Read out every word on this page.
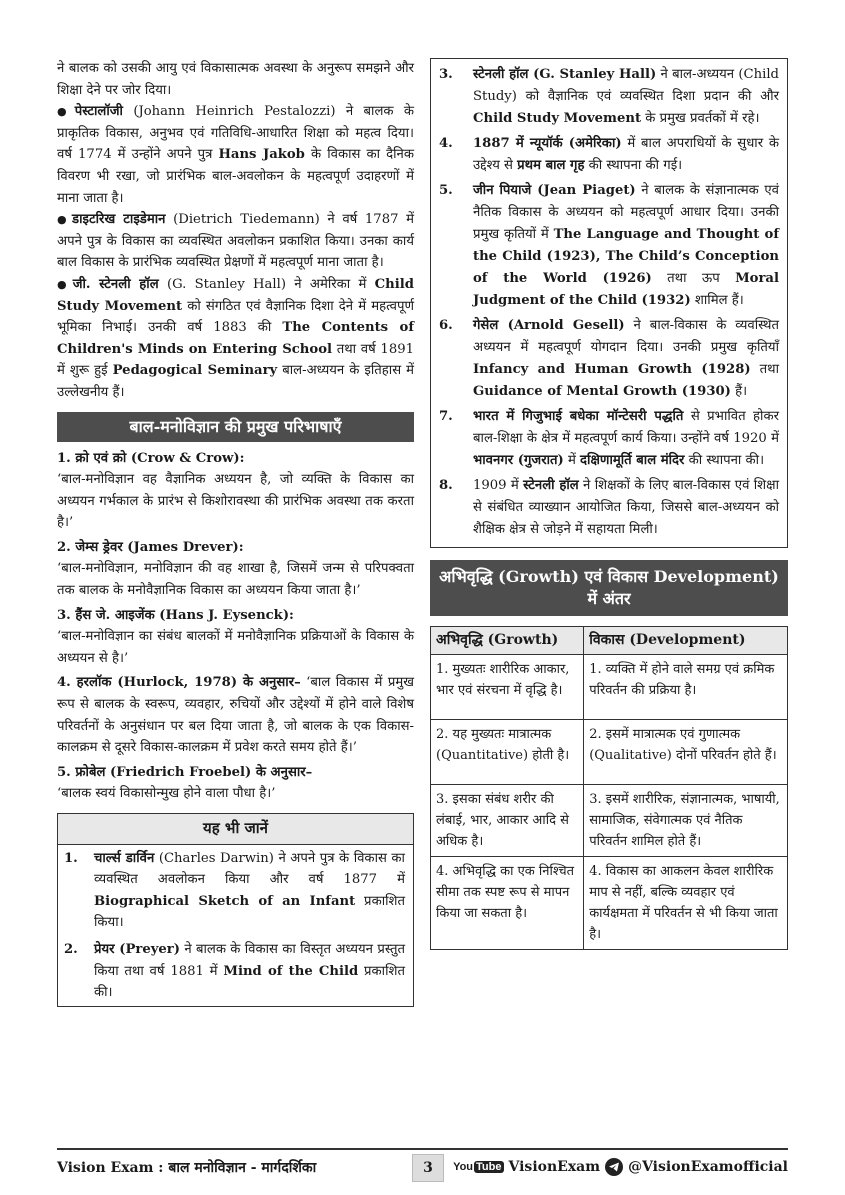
ने बालक को उसकी आयु एवं विकासात्मक अवस्था के अनुरूप समझने और शिक्षा देने पर जोर दिया।

● पेस्टालॉजी (Johann Heinrich Pestalozzi) ने बालक के प्राकृतिक विकास, अनुभव एवं गतिविधि-आधारित शिक्षा को महत्व दिया। वर्ष 1774 में उन्होंने अपने पुत्र Hans Jakob के विकास का दैनिक विवरण भी रखा, जो प्रारंभिक बाल-अवलोकन के महत्वपूर्ण उदाहरणों में माना जाता है।

● डाइटरिख टाइडेमान (Dietrich Tiedemann) ने वर्ष 1787 में अपने पुत्र के विकास का व्यवस्थित अवलोकन प्रकाशित किया। उनका कार्य बाल विकास के प्रारंभिक व्यवस्थित प्रेक्षणों में महत्वपूर्ण माना जाता है।

● जी. स्टेनली हॉल (G. Stanley Hall) ने अमेरिका में Child Study Movement को संगठित एवं वैज्ञानिक दिशा देने में महत्वपूर्ण भूमिका निभाई। उनकी वर्ष 1883 की The Contents of Children's Minds on Entering School तथा वर्ष 1891 में शुरू हुई Pedagogical Seminary बाल-अध्ययन के इतिहास में उल्लेखनीय हैं।

बाल-मनोविज्ञान की प्रमुख परिभाषाएँ
1. क्रो एवं क्रो (Crow & Crow):

‘बाल-मनोविज्ञान वह वैज्ञानिक अध्ययन है, जो व्यक्ति के विकास का अध्ययन गर्भकाल के प्रारंभ से किशोरावस्था की प्रारंभिक अवस्था तक करता है।’

2. जेम्स ड्रेवर (James Drever):

‘बाल-मनोविज्ञान, मनोविज्ञान की वह शाखा है, जिसमें जन्म से परिपक्वता तक बालक के मनोवैज्ञानिक विकास का अध्ययन किया जाता है।’

3. हैंस जे. आइजेंक (Hans J. Eysenck):

‘बाल-मनोविज्ञान का संबंध बालकों में मनोवैज्ञानिक प्रक्रियाओं के विकास के अध्ययन से है।’

4. हरलॉक (Hurlock, 1978) के अनुसार– ‘बाल विकास में प्रमुख रूप से बालक के स्वरूप, व्यवहार, रुचियों और उद्देश्यों में होने वाले विशेष परिवर्तनों के अनुसंधान पर बल दिया जाता है, जो बालक के एक विकास-कालक्रम से दूसरे विकास-कालक्रम में प्रवेश करते समय होते हैं।’

5. फ्रोबेल (Friedrich Froebel) के अनुसार–

‘बालक स्वयं विकासोन्मुख होने वाला पौधा है।’

यह भी जानें
1.	चार्ल्स डार्विन (Charles Darwin) ने अपने पुत्र के विकास का व्यवस्थित अवलोकन किया और वर्ष 1877 में Biographical Sketch of an Infant प्रकाशित किया।
2.	प्रेयर (Preyer) ने बालक के विकास का विस्तृत अध्ययन प्रस्तुत किया तथा वर्ष 1881 में Mind of the Child प्रकाशित की।
3.	स्टेनली हॉल (G. Stanley Hall) ने बाल-अध्ययन (Child Study) को वैज्ञानिक एवं व्यवस्थित दिशा प्रदान की और Child Study Movement के प्रमुख प्रवर्तकों में रहे।
4.	1887 में न्यूयॉर्क (अमेरिका) में बाल अपराधियों के सुधार के उद्देश्य से प्रथम बाल गृह की स्थापना की गई।
5.	जीन पियाजे (Jean Piaget) ने बालक के संज्ञानात्मक एवं नैतिक विकास के अध्ययन को महत्वपूर्ण आधार दिया। उनकी प्रमुख कृतियों में The Language and Thought of the Child (1923), The Child’s Conception of the World (1926) तथा ऊप Moral Judgment of the Child (1932) शामिल हैं।
6.	गेसेल (Arnold Gesell) ने बाल-विकास के व्यवस्थित अध्ययन में महत्वपूर्ण योगदान दिया। उनकी प्रमुख कृतियाँ Infancy and Human Growth (1928) तथा Guidance of Mental Growth (1930) हैं।
7.	भारत में गिजुभाई बधेका मॉन्टेसरी पद्धति से प्रभावित होकर बाल-शिक्षा के क्षेत्र में महत्वपूर्ण कार्य किया। उन्होंने वर्ष 1920 में भावनगर (गुजरात) में दक्षिणामूर्ति बाल मंदिर की स्थापना की।
8.	1909 में स्टेनली हॉल ने शिक्षकों के लिए बाल-विकास एवं शिक्षा से संबंधित व्याख्यान आयोजित किया, जिससे बाल-अध्ययन को शैक्षिक क्षेत्र से जोड़ने में सहायता मिली।
अभिवृद्धि (Growth) एवं विकास Development) में अंतर
अभिवृद्धि (Growth)	विकास (Development)
1. मुख्यतः शारीरिक आकार, भार एवं संरचना में वृद्धि है।	1. व्यक्ति में होने वाले समग्र एवं क्रमिक परिवर्तन की प्रक्रिया है।
2. यह मुख्यतः मात्रात्मक (Quantitative) होती है।	2. इसमें मात्रात्मक एवं गुणात्मक (Qualitative) दोनों परिवर्तन होते हैं।
3. इसका संबंध शरीर की लंबाई, भार, आकार आदि से अधिक है।	3. इसमें शारीरिक, संज्ञानात्मक, भाषायी, सामाजिक, संवेगात्मक एवं नैतिक परिवर्तन शामिल होते हैं।
4. अभिवृद्धि का एक निश्चित सीमा तक स्पष्ट रूप से मापन किया जा सकता है।	4. विकास का आकलन केवल शारीरिक माप से नहीं, बल्कि व्यवहार एवं कार्यक्षमता में परिवर्तन से भी किया जाता है।
Vision Exam : बाल मनोविज्ञान - मार्गदर्शिका	3	You Tube VisionExam @VisionExamofficial
